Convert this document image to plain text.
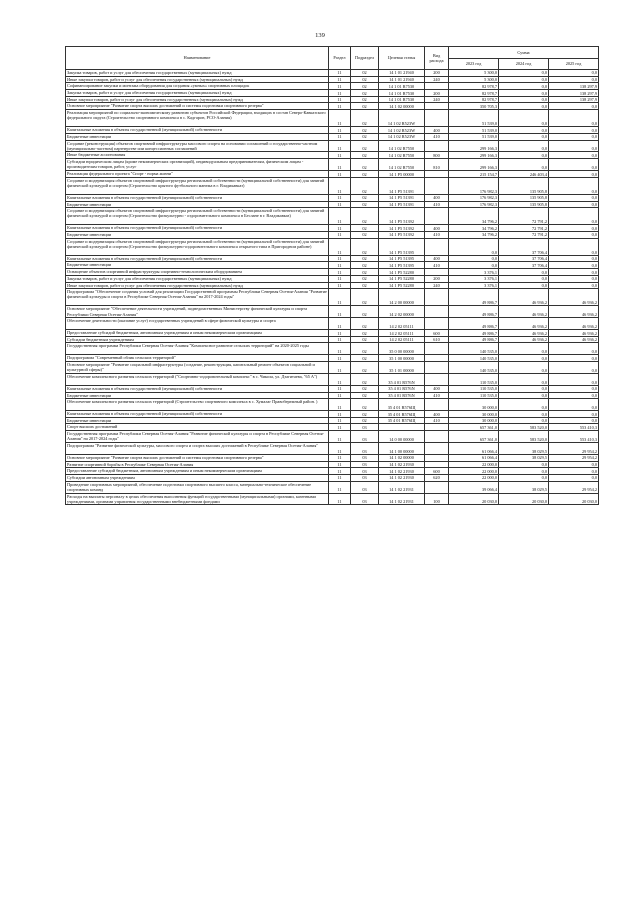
139
Наименование	Раздел	Подраздел	Целевая статья	Вид расхода	Сумма		
					2023 год	2024 год	2025 год
Закупка товаров, работ и услуг для обеспечения государственных (муниципальных) нужд	11	02	14 1 01 21940	200	5 300,0	0,0	0,0
Иные закупки товаров, работ и услуг для обеспечения государственных (муниципальных) нужд	11	02	14 1 01 21940	240	5 300,0	0,0	0,0
Софинансирование закупки и монтажа оборудования для создания «умных» спортивных площадок	11	02	14 1 01 R7530		82 978,7	0,0	138 297,9
Закупка товаров, работ и услуг для обеспечения государственных (муниципальных) нужд	11	02	14 1 01 R7530	200	82 978,7	0,0	138 297,9
Иные закупки товаров, работ и услуг для обеспечения государственных (муниципальных) нужд	11	02	14 1 01 R7530	240	82 978,7	0,0	138 297,9
Основное мероприятие "Развитие спорта высших достижений и системы подготовки спортивного резерва"	11	02	14 1 02 00000		350 705,3	0,0	0,0
Реализация мероприятий по социально-экономическому развитию субъектов Российской Федерации, входящих в состав Северо-Кавказского федерального округа (Строительство спортивного комплекса в с. Кадгарон, РСО-Алания)	11	02	14 1 02 R523W		51 539,0	0,0	0,0
Капитальные вложения в объекты государственной (муниципальной) собственности	11	02	14 1 02 R523W	400	51 539,0	0,0	0,0
Бюджетные инвестиции	11	02	14 1 02 R523W	410	51 539,0	0,0	0,0
Создание (реконструкция) объектов спортивной инфраструктуры массового спорта на основании соглашений о государственно-частном (муниципально-частном) партнерстве или концессионных соглашений	11	02	14 1 02 R7550		299 166,3	0,0	0,0
Иные бюджетные ассигнования	11	02	14 1 02 R7550	800	299 166,3	0,0	0,0
Субсидии юридическим лицам (кроме некоммерческих организаций), индивидуальным предпринимателям, физическим лицам - производителям товаров, работ, услуг	11	02	14 1 02 R7550	810	299 166,3	0,0	0,0
Реализация федерального проекта "Спорт - норма жизни"	11	02	14 1 P5 00000		215 154,7	246 403,4	0,0
Создание и модернизация объектов спортивной инфраструктуры региональной собственности (муниципальной собственности) для занятий физической культурой и спортом (Строительство крытого футбольного манежа в г. Владикавказ)	11	02	14 1 P5 51391		176 982,3	135 905,8	0,0
Капитальные вложения в объекты государственной (муниципальной) собственности	11	02	14 1 P5 51391	400	176 982,3	135 905,8	0,0
Бюджетные инвестиции	11	02	14 1 P5 51391	410	176 982,3	135 905,8	0,0
Создание и модернизация объектов спортивной инфраструктуры региональной собственности (муниципальной собственности) для занятий физической культурой и спортом (Строительство физкультурно - оздоровительного комплекса в Беслане в г. Владикавказ)	11	02	14 1 P5 51392		34 796,2	72 791,2	0,0
Капитальные вложения в объекты государственной (муниципальной) собственности	11	02	14 1 P5 51392	400	34 796,2	72 791,2	0,0
Бюджетные инвестиции	11	02	14 1 P5 51392	410	34 796,2	72 791,2	0,0
Создание и модернизация объектов спортивной инфраструктуры региональной собственности (муниципальной собственности) для занятий физической культурой и спортом (Строительство физкультурно-оздоровительного комплекса открытого типа в Пригородном районе)	11	02	14 1 P5 51395		0,0	37 706,4	0,0
Капитальные вложения в объекты государственной (муниципальной) собственности	11	02	14 1 P5 51395	400	0,0	37 706,4	0,0
Бюджетные инвестиции	11	02	14 1 P5 51395	410	0,0	37 706,4	0,0
Оснащение объектов спортивной инфраструктуры спортивно-технологическим оборудованием	11	02	14 1 P5 52280		3 376,1	0,0	0,0
Закупка товаров, работ и услуг для обеспечения государственных (муниципальных) нужд	11	02	14 1 P5 52280	200	3 376,1	0,0	0,0
Иные закупки товаров, работ и услуг для обеспечения государственных (муниципальных) нужд	11	02	14 1 P5 52280	240	3 376,1	0,0	0,0
Подпрограмма "Обеспечение создания условий для реализации Государственной программы Республики Северная Осетия-Алания "Развитие физической культуры и спорта в Республике Северная Осетия-Алания" на 2017-2024 годы"	11	02	14 2 00 00000		49 886,7	46 936,2	46 936,2
Основное мероприятие "Обеспечение деятельности учреждений, подведомственных Министерству физической культуры и спорта Республики Северная Осетия-Алания"	11	02	14 2 02 00000		49 886,7	46 936,2	46 936,2
Обеспечение деятельности (оказание услуг) государственных учреждений в сфере физической культуры и спорта	11	02	14 2 02 05111		49 886,7	46 936,2	46 936,2
Предоставление субсидий бюджетным, автономным учреждениям и иным некоммерческим организациям	11	02	14 2 02 05111	600	49 886,7	46 936,2	46 936,2
Субсидии бюджетным учреждениям	11	02	14 2 02 05111	610	49 886,7	46 936,2	46 936,2
Государственная программа Республики Северная Осетия-Алания "Комплексное развитие сельских территорий" на 2020-2025 годы	11	02	35 0 00 00000		140 535,0	0,0	0,0
Подпрограмма "Современный облик сельских территорий"	11	02	35 1 00 00000		140 535,0	0,0	0,0
Основное мероприятие "Развитие социальной инфраструктуры (создание, реконструкция, капитальный ремонт объектов социальной и культурной сферы)"	11	02	35 1 01 00000		140 535,0	0,0	0,0
Обеспечение комплексного развития сельских территорий ("Спортивно-оздоровительный комплекс" в с. Чикола, ул. Дзагитаева, "65 А")	11	02	35 4 01 R576N		110 535,0	0,0	0,0
Капитальные вложения в объекты государственной (муниципальной) собственности	11	02	35 4 01 R576N	400	110 535,0	0,0	0,0
Бюджетные инвестиции	11	02	35 4 01 R576N	410	110 535,0	0,0	0,0
Обеспечение комплексного развития сельских территорий (Строительство спортивного комплекса в с. Хумалаг Правобережный район. )	11	02	35 4 01 R576Щ		30 000,0	0,0	0,0
Капитальные вложения в объекты государственной (муниципальной) собственности	11	02	35 4 01 R576Щ	400	30 000,0	0,0	0,0
Бюджетные инвестиции	11	02	35 4 01 R576Щ	410	30 000,0	0,0	0,0
Спорт высших достижений	11	03			657 361,0	583 520,0	553 410,3
Государственная программа Республики Северная Осетия-Алания "Развитие физической культуры и спорта в Республике Северная Осетия-Алания" на 2017-2024 годы"	11	03	14 0 00 00000		657 361,0	583 520,0	553 410,3
Подпрограмма "Развитие физической культуры, массового спорта и спорта высших достижений в Республике Северная Осетия-Алания"	11	03	14 1 00 00000		61 066,4	38 029,5	29 954,2
Основное мероприятие "Развитие спорта высших достижений и системы подготовки спортивного резерва"	11	03	14 1 02 00000		61 066,4	38 029,5	29 954,2
Развитие спортивной борьбы в Республике Северная Осетия-Алания	11	03	14 1 02 21930		22 000,0	0,0	0,0
Предоставление субсидий бюджетным, автономным учреждениям и иным некоммерческим организациям	11	03	14 1 02 21930	600	22 000,0	0,0	0,0
Субсидии автономным учреждениям	11	03	14 1 02 21930	620	22 000,0	0,0	0,0
Проведение спортивных мероприятий, обеспечение подготовки спортивного высшего класса, материально-техническое обеспечение спортивных команд	11	03	14 1 02 21931		39 066,4	38 029,5	29 954,2
Расходы на выплаты персоналу в целях обеспечения выполнения функций государственными (муниципальными) органами, казенными учреждениями, органами управления государственными внебюджетными фондами	11	03	14 1 02 21931	100	20 030,0	20 030,0	20 030,0
